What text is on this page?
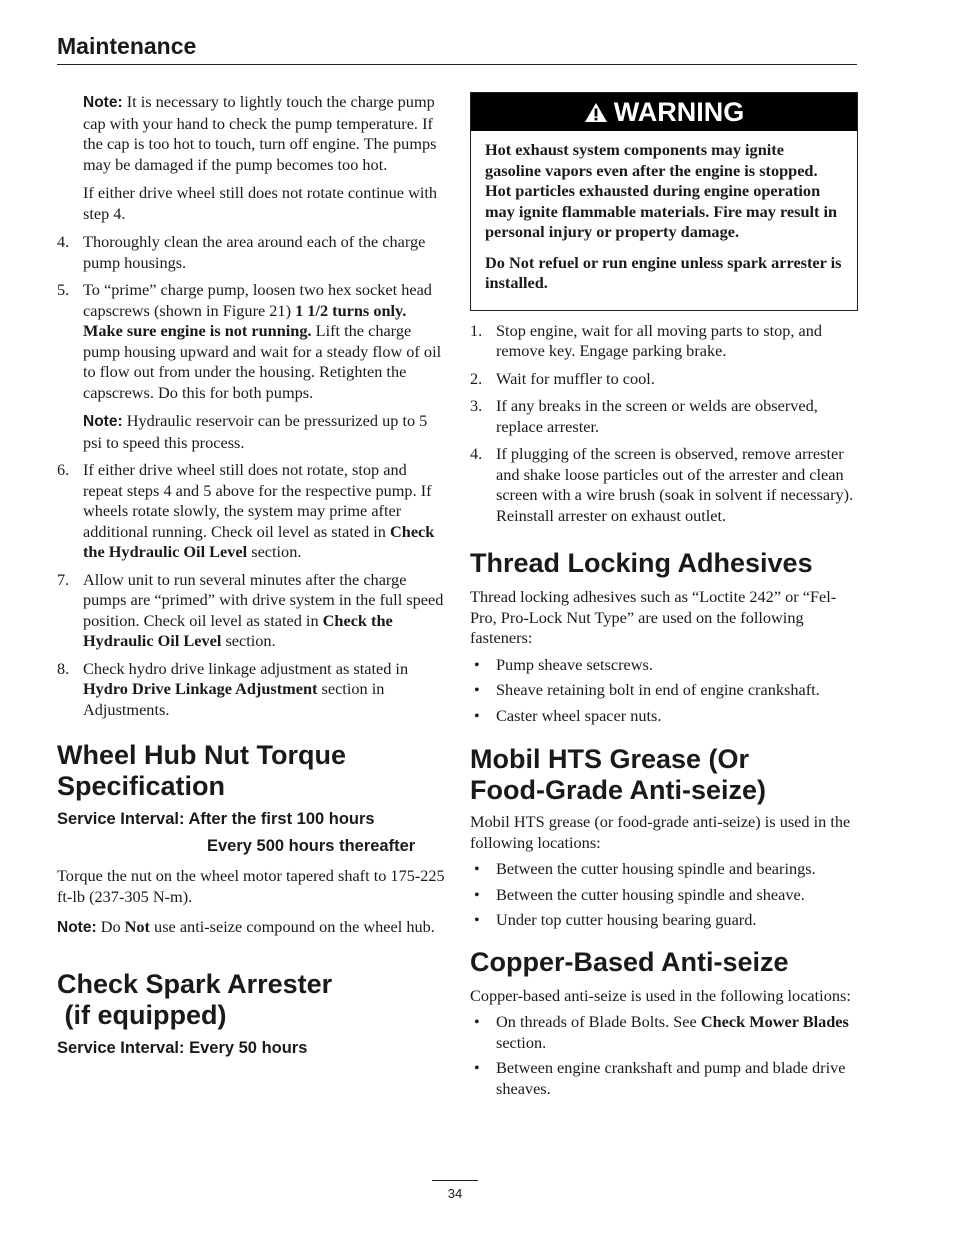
Maintenance

Note: It is necessary to lightly touch the charge pump cap with your hand to check the pump temperature. If the cap is too hot to touch, turn off engine. The pumps may be damaged if the pump becomes too hot.

If either drive wheel still does not rotate continue with step 4.

4. Thoroughly clean the area around each of the charge pump housings.
5. To “prime” charge pump, loosen two hex socket head capscrews (shown in Figure 21) 1 1/2 turns only. Make sure engine is not running. Lift the charge pump housing upward and wait for a steady flow of oil to flow out from under the housing. Retighten the capscrews. Do this for both pumps.
Note: Hydraulic reservoir can be pressurized up to 5 psi to speed this process.
6. If either drive wheel still does not rotate, stop and repeat steps 4 and 5 above for the respective pump. If wheels rotate slowly, the system may prime after additional running. Check oil level as stated in Check the Hydraulic Oil Level section.
7. Allow unit to run several minutes after the charge pumps are “primed” with drive system in the full speed position. Check oil level as stated in Check the Hydraulic Oil Level section.
8. Check hydro drive linkage adjustment as stated in Hydro Drive Linkage Adjustment section in Adjustments.
Wheel Hub Nut Torque
Specification
Service Interval: After the first 100 hours
Every 500 hours thereafter

Torque the nut on the wheel motor tapered shaft to 175-225 ft-lb (237-305 N-m).

Note: Do Not use anti-seize compound on the wheel hub.

Check Spark Arrester
(if equipped)
Service Interval: Every 50 hours
WARNING

Hot exhaust system components may ignite gasoline vapors even after the engine is stopped. Hot particles exhausted during engine operation may ignite flammable materials. Fire may result in personal injury or property damage.

Do Not refuel or run engine unless spark arrester is installed.

1. Stop engine, wait for all moving parts to stop, and remove key. Engage parking brake.
2. Wait for muffler to cool.
3. If any breaks in the screen or welds are observed, replace arrester.
4. If plugging of the screen is observed, remove arrester and shake loose particles out of the arrester and clean screen with a wire brush (soak in solvent if necessary). Reinstall arrester on exhaust outlet.
Thread Locking Adhesives

Thread locking adhesives such as “Loctite 242” or “Fel-Pro, Pro-Lock Nut Type” are used on the following fasteners:

• Pump sheave setscrews.
• Sheave retaining bolt in end of engine crankshaft.
• Caster wheel spacer nuts.
Mobil HTS Grease (Or
Food-Grade Anti-seize)

Mobil HTS grease (or food-grade anti-seize) is used in the following locations:

• Between the cutter housing spindle and bearings.
• Between the cutter housing spindle and sheave.
• Under top cutter housing bearing guard.
Copper-Based Anti-seize

Copper-based anti-seize is used in the following locations:

• On threads of Blade Bolts. See Check Mower Blades section.
• Between engine crankshaft and pump and blade drive sheaves.
34
